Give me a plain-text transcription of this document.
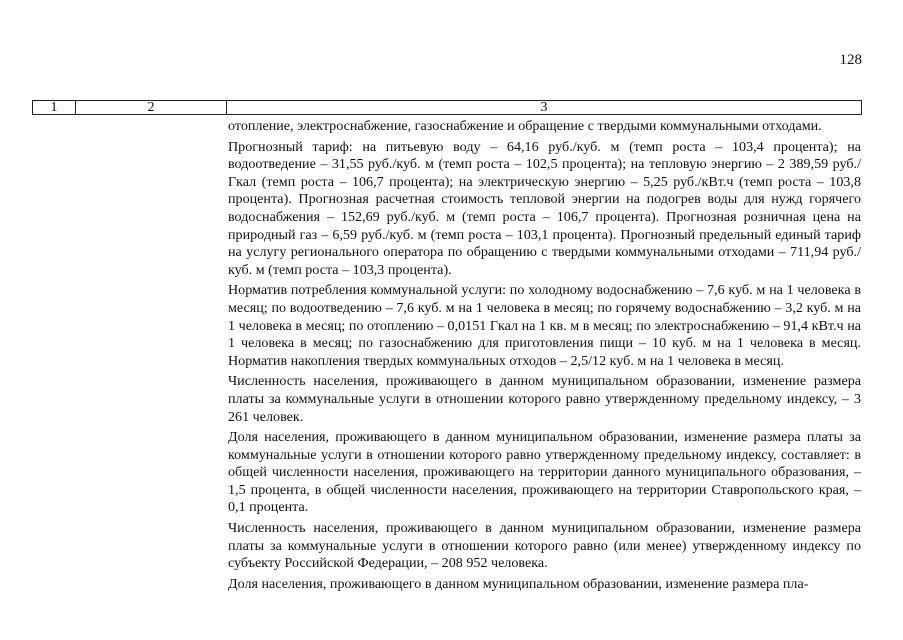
128
1	2	3

отопление, электроснабжение, газоснабжение и обращение с твердыми коммунальными отходами.

Прогнозный тариф: на питьевую воду – 64,16 руб./куб. м (темп роста – 103,4 процента); на водоотведение – 31,55 руб./куб. м (темп роста – 102,5 процента); на тепловую энергию – 2 389,59 руб./Гкал (темп роста – 106,7 процента); на электрическую энергию – 5,25 руб./кВт.ч (темп роста – 103,8 процента). Прогнозная расчетная стоимость тепловой энергии на подогрев воды для нужд горячего водоснабжения – 152,69 руб./куб. м (темп роста – 106,7 процента). Прогнозная розничная цена на природный газ – 6,59 руб./куб. м (темп роста – 103,1 процента). Прогнозный предельный единый тариф на услугу регионального оператора по обращению с твердыми коммунальными отходами – 711,94 руб./куб. м (темп роста – 103,3 процента).

Норматив потребления коммунальной услуги: по холодному водоснабжению – 7,6 куб. м на 1 человека в месяц; по водоотведению – 7,6 куб. м на 1 человека в месяц; по горячему водоснабжению – 3,2 куб. м на 1 человека в месяц; по отоплению – 0,0151 Гкал на 1 кв. м в месяц; по электроснабжению – 91,4 кВт.ч на 1 человека в месяц; по газоснабжению для приготовления пищи – 10 куб. м на 1 человека в месяц. Норматив накопления твердых коммунальных отходов – 2,5/12 куб. м на 1 человека в месяц.

Численность населения, проживающего в данном муниципальном образовании, изменение размера платы за коммунальные услуги в отношении которого равно утвержденному предельному индексу, – 3 261 человек.

Доля населения, проживающего в данном муниципальном образовании, изменение размера платы за коммунальные услуги в отношении которого равно утвержденному предельному индексу, составляет: в общей численности населения, проживающего на территории данного муниципального образования, – 1,5 процента, в общей численности населения, проживающего на территории Ставропольского края, – 0,1 процента.

Численность населения, проживающего в данном муниципальном образовании, изменение размера платы за коммунальные услуги в отношении которого равно (или менее) утвержденному индексу по субъекту Российской Федерации, – 208 952 человека.

Доля населения, проживающего в данном муниципальном образовании, изменение размера пла-
